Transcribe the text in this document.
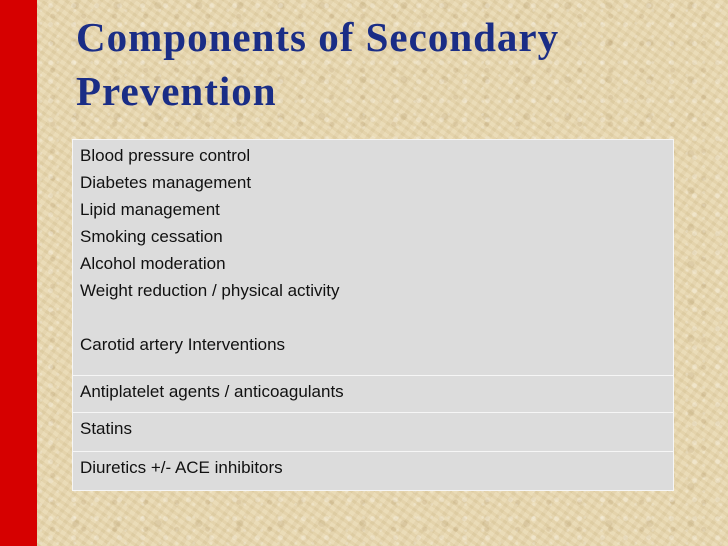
Components of Secondary
Prevention
Blood pressure control
Diabetes management
Lipid management
Smoking cessation
Alcohol moderation
Weight reduction / physical activity
Carotid artery Interventions

Antiplatelet agents / anticoagulants
Statins
Diuretics +/- ACE inhibitors
